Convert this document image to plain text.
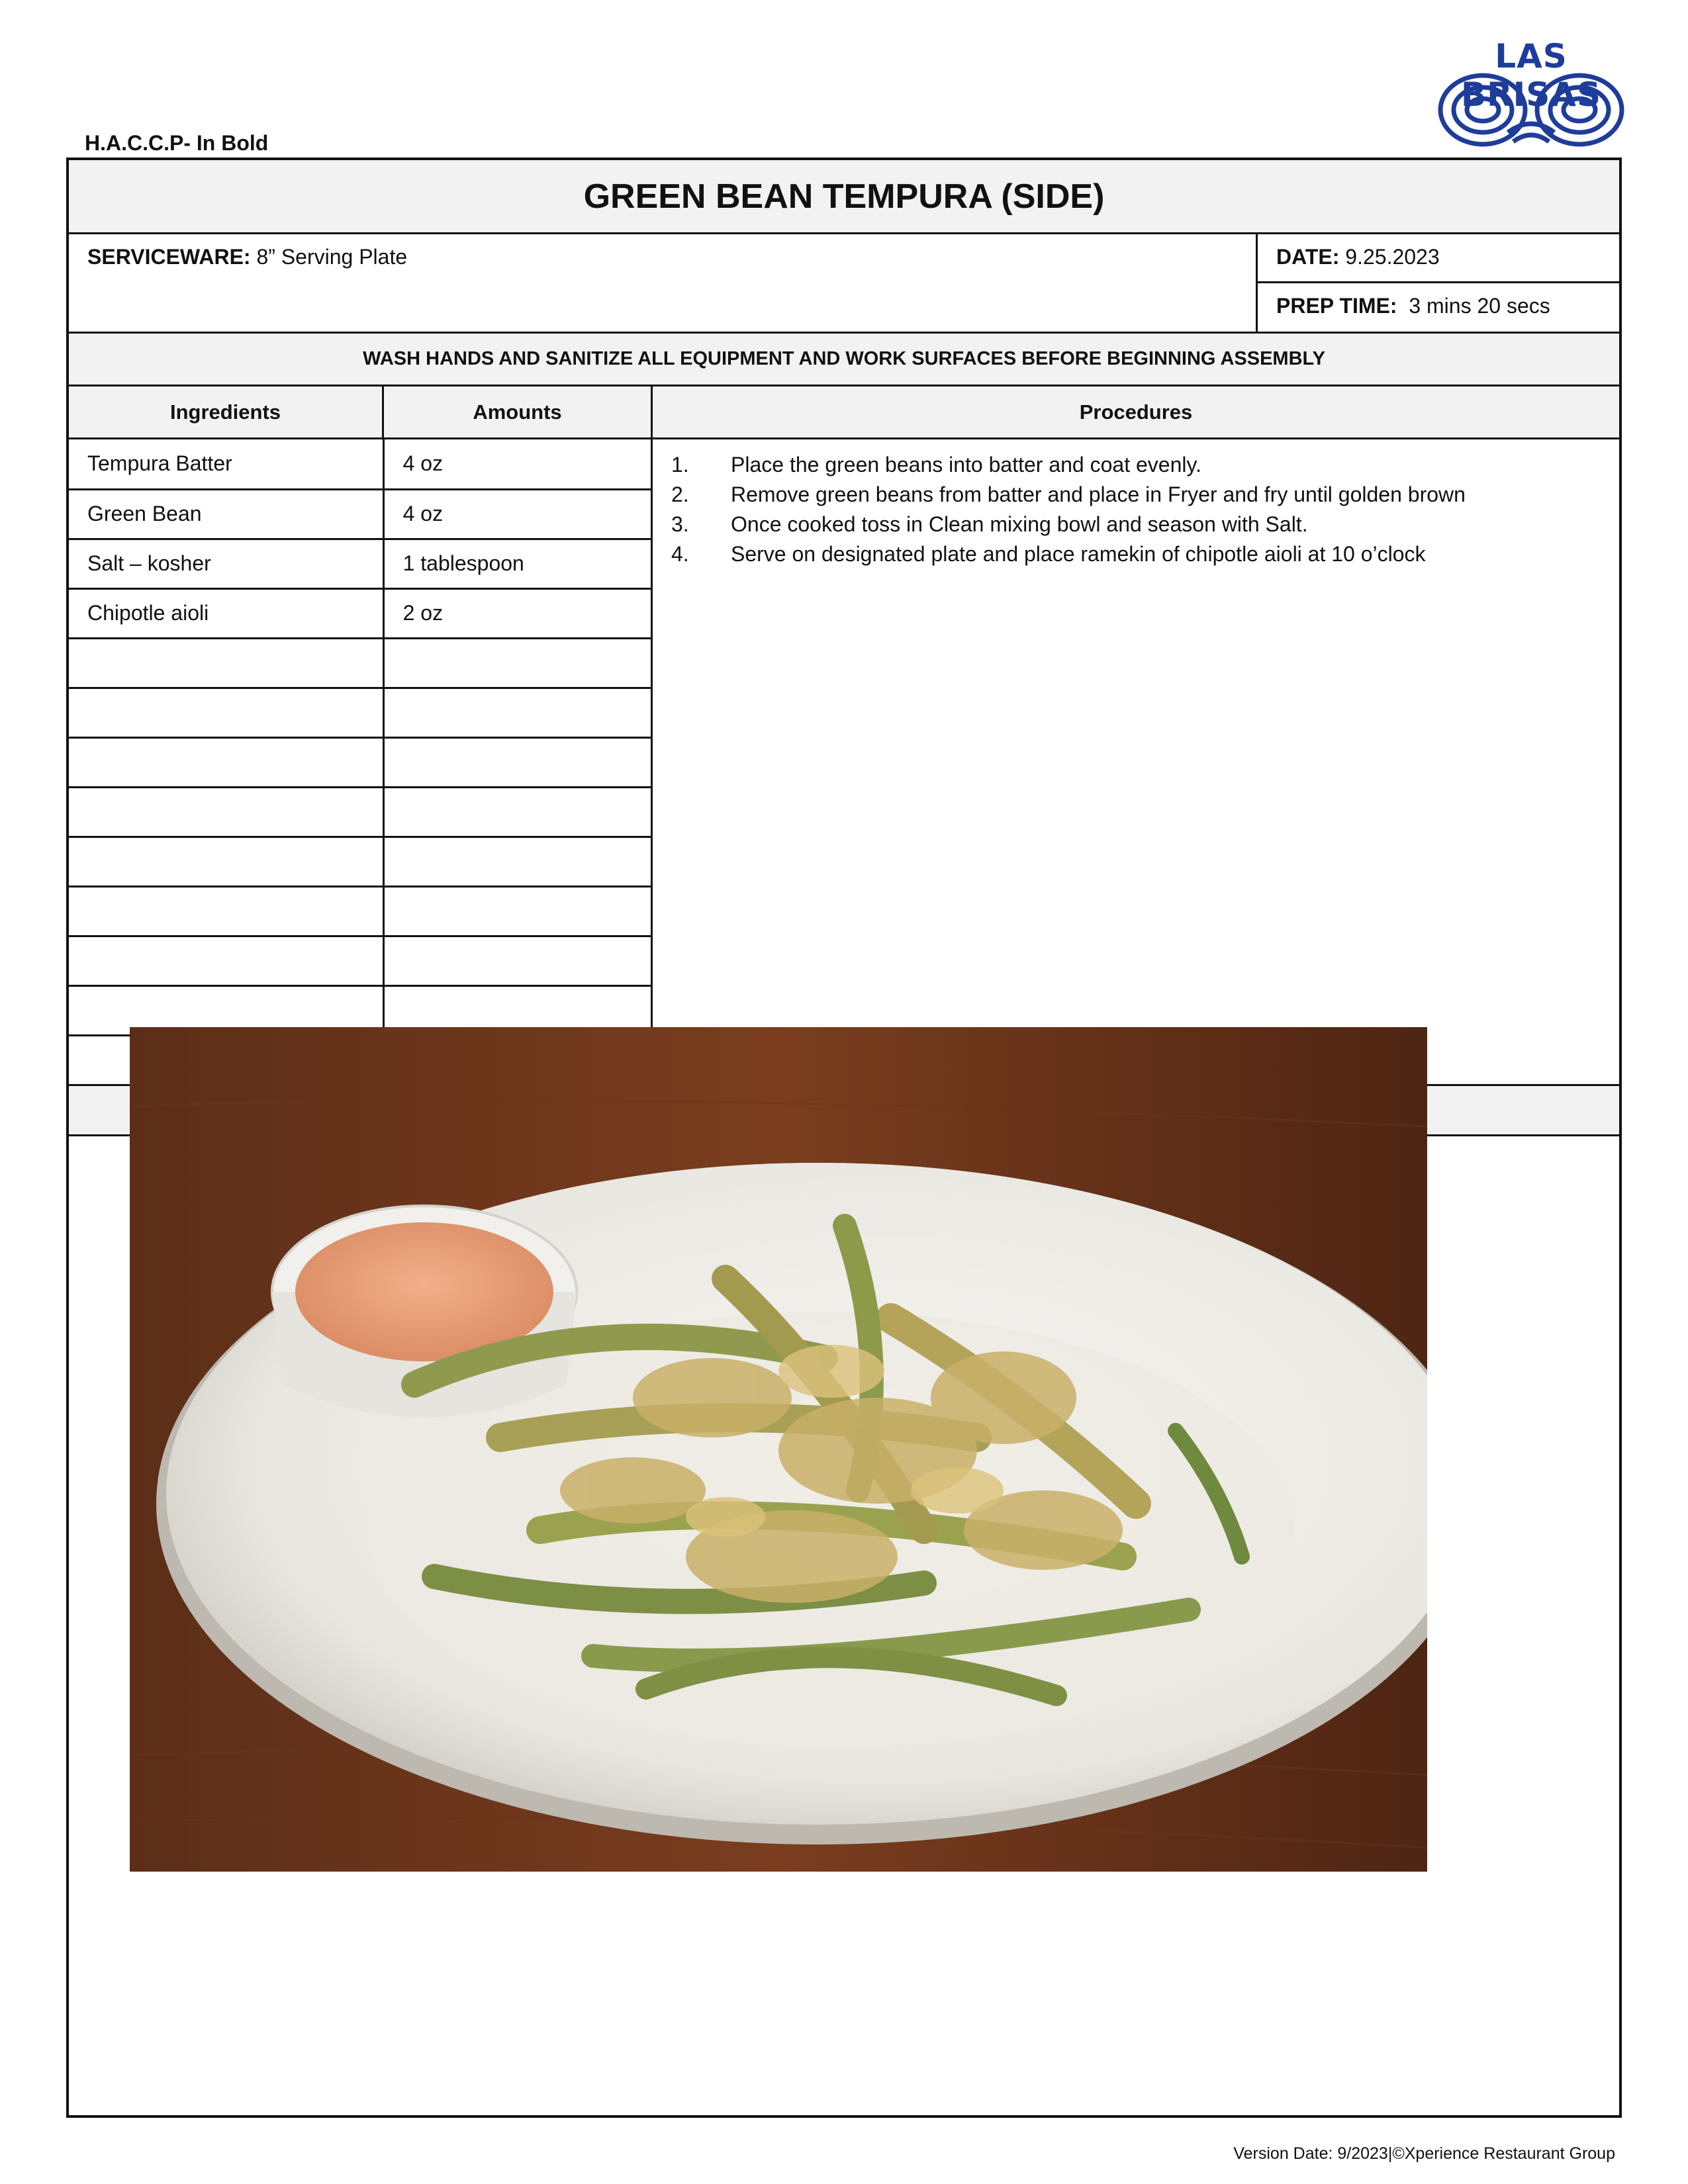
LAS BRISAS
H.A.C.C.P- In Bold
GREEN BEAN TEMPURA (SIDE)
SERVICEWARE: 8” Serving Plate	DATE: 9.25.2023
PREP TIME: 3 mins 20 secs
WASH HANDS AND SANITIZE ALL EQUIPMENT AND WORK SURFACES BEFORE BEGINNING ASSEMBLY
Ingredients	Amounts	Procedures
Tempura Batter	4 oz
Green Bean	4 oz
Salt – kosher	1 tablespoon
Chipotle aioli	2 oz

1.	Place the green beans into batter and coat evenly.
2.	Remove green beans from batter and place in Fryer and fry until golden brown
3.	Once cooked toss in Clean mixing bowl and season with Salt.
4.	Serve on designated plate and place ramekin of chipotle aioli at 10 o’clock
Version Date: 9/2023|©Xperience Restaurant Group
